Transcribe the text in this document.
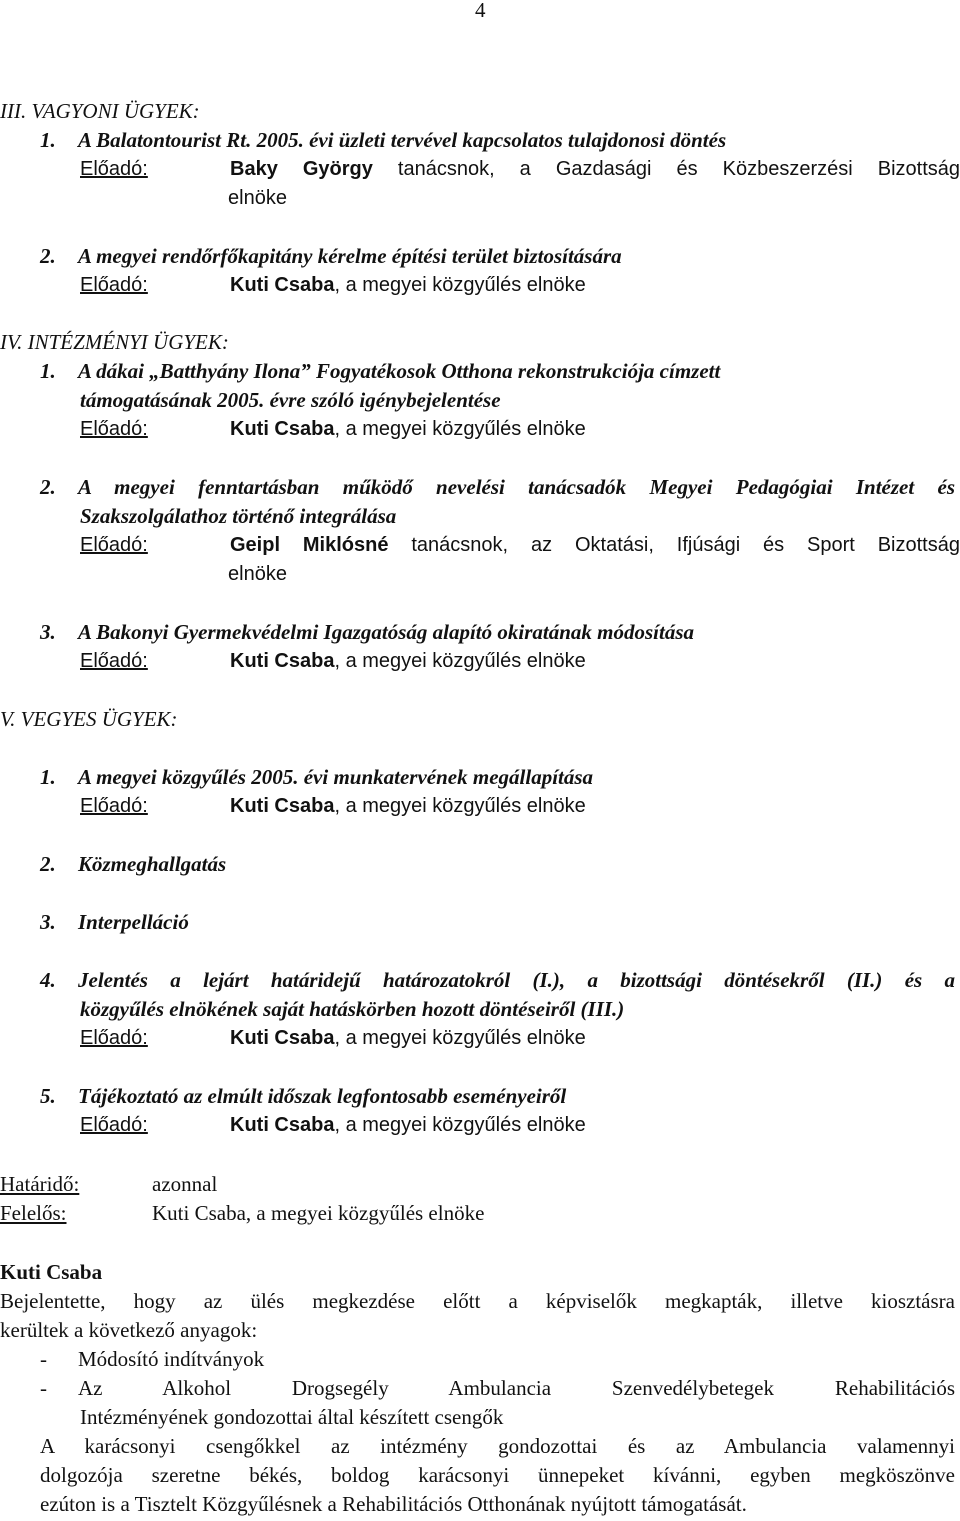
4
III. VAGYONI ÜGYEK:
1. A Balatontourist Rt. 2005. évi üzleti tervével kapcsolatos tulajdonosi döntés
Előadó:	Baky György tanácsnok, a Gazdasági és Közbeszerzési Bizottság
elnöke
2. A megyei rendőrfőkapitány kérelme építési terület biztosítására
Előadó:	Kuti Csaba, a megyei közgyűlés elnöke
IV. INTÉZMÉNYI ÜGYEK:
1. A dákai „Batthyány Ilona” Fogyatékosok Otthona rekonstrukciója címzett
támogatásának 2005. évre szóló igénybejelentése
Előadó:	Kuti Csaba, a megyei közgyűlés elnöke
2. A megyei fenntartásban működő nevelési tanácsadók Megyei Pedagógiai Intézet és
Szakszolgálathoz történő integrálása
Előadó:	Geipl Miklósné tanácsnok, az Oktatási, Ifjúsági és Sport Bizottság
elnöke
3. A Bakonyi Gyermekvédelmi Igazgatóság alapító okiratának módosítása
Előadó:	Kuti Csaba, a megyei közgyűlés elnöke
V. VEGYES ÜGYEK:
1. A megyei közgyűlés 2005. évi munkatervének megállapítása
Előadó:	Kuti Csaba, a megyei közgyűlés elnöke
2. Közmeghallgatás
3. Interpelláció
4. Jelentés a lejárt határidejű határozatokról (I.), a bizottsági döntésekről (II.) és a
közgyűlés elnökének saját hatáskörben hozott döntéseiről (III.)
Előadó:	Kuti Csaba, a megyei közgyűlés elnöke
5. Tájékoztató az elmúlt időszak legfontosabb eseményeiről
Előadó:	Kuti Csaba, a megyei közgyűlés elnöke
Határidő:	azonnal
Felelős:	Kuti Csaba, a megyei közgyűlés elnöke
Kuti Csaba
Bejelentette, hogy az ülés megkezdése előtt a képviselők megkapták, illetve kiosztásra
kerültek a következő anyagok:
- Módosító indítványok
- Az Alkohol Drogsegély Ambulancia Szenvedélybetegek Rehabilitációs
Intézményének gondozottai által készített csengők
A karácsonyi csengőkkel az intézmény gondozottai és az Ambulancia valamennyi
dolgozója szeretne békés, boldog karácsonyi ünnepeket kívánni, egyben megköszönve
ezúton is a Tisztelt Közgyűlésnek a Rehabilitációs Otthonának nyújtott támogatását.
